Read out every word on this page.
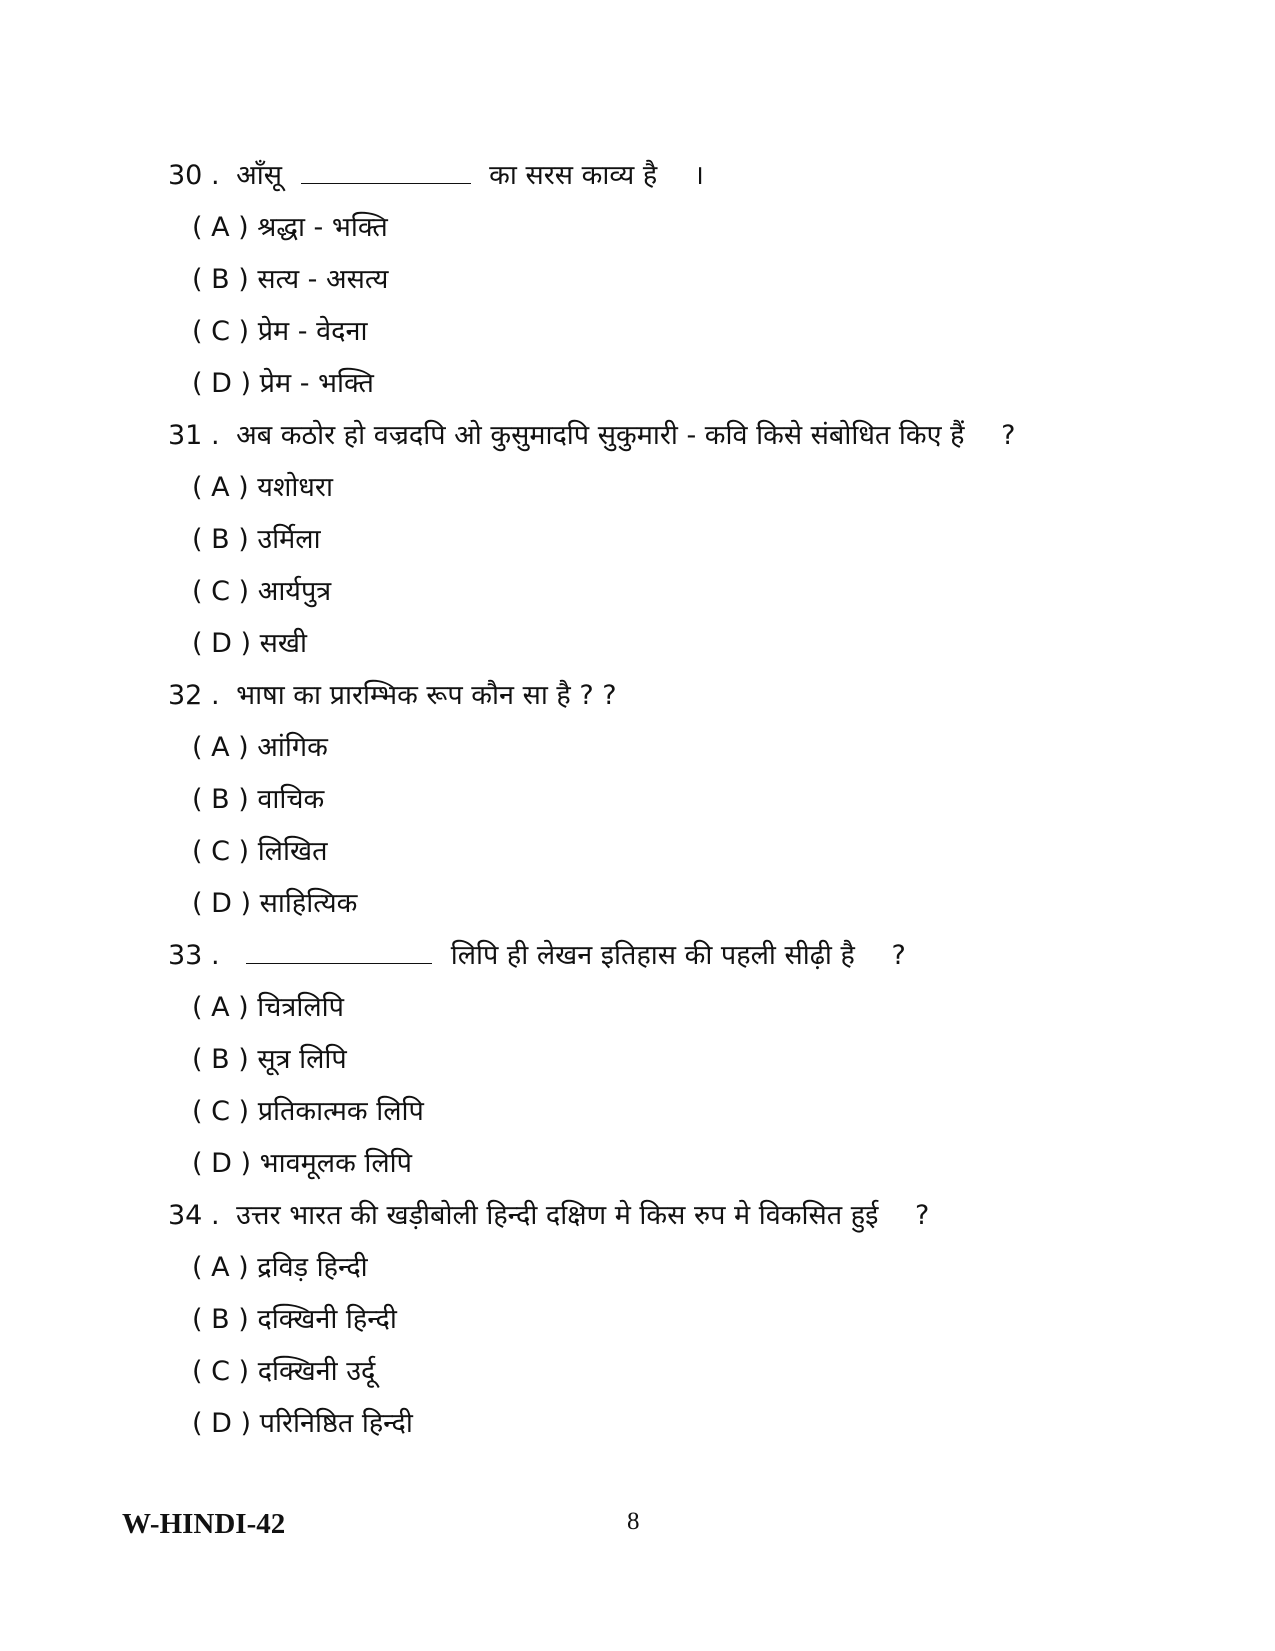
30 . आँसू	का सरस काव्य है ।
( A ) श्रद्धा - भक्ति
( B ) सत्य - असत्य
( C ) प्रेम - वेदना
( D ) प्रेम - भक्ति
31 . अब कठोर हो वज्रदपि ओ कुसुमादपि सुकुमारी - कवि किसे संबोधित किए हैं ?
( A ) यशोधरा
( B ) उर्मिला
( C ) आर्यपुत्र
( D ) सखी
32 . भाषा का प्रारम्भिक रूप कौन सा है ? ?
( A ) आंगिक
( B ) वाचिक
( C ) लिखित
( D ) साहित्यिक
33 .	लिपि ही लेखन इतिहास की पहली सीढ़ी है ?
( A ) चित्रलिपि
( B ) सूत्र लिपि
( C ) प्रतिकात्मक लिपि
( D ) भावमूलक लिपि
34 . उत्तर भारत की खड़ीबोली हिन्दी दक्षिण मे किस रुप मे विकसित हुई ?
( A ) द्रविड़ हिन्दी
( B ) दक्खिनी हिन्दी
( C ) दक्खिनी उर्दू
( D ) परिनिष्ठित हिन्दी
W-HINDI-42	8
